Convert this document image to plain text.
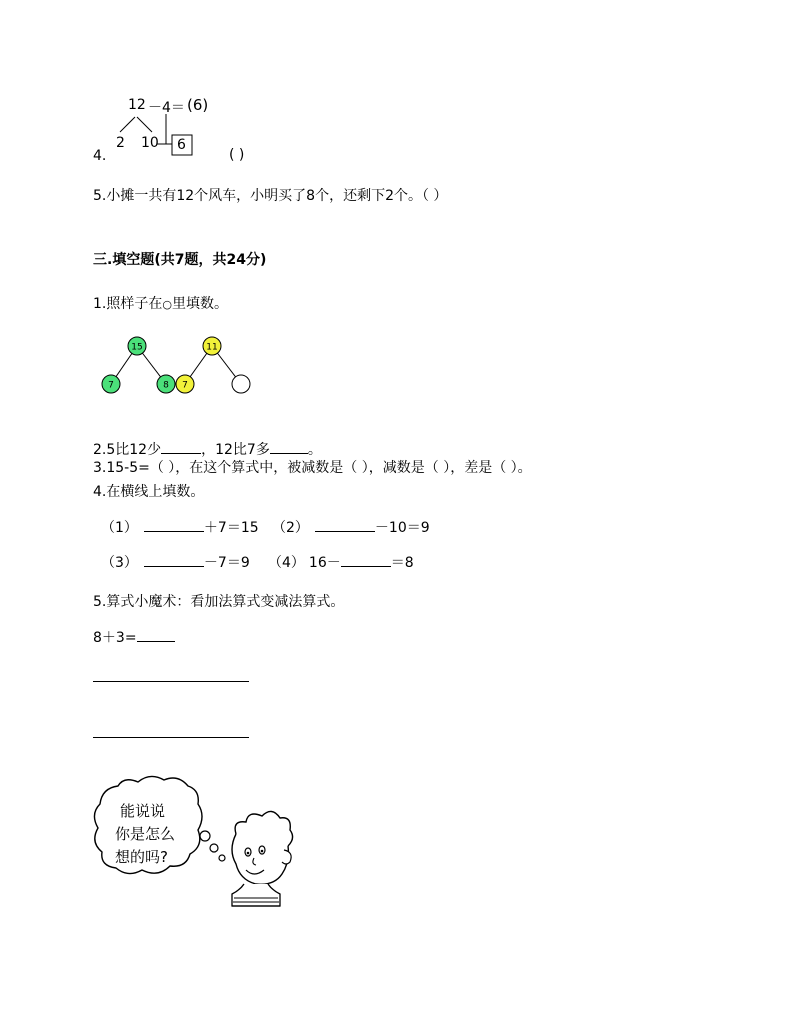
12 －4＝ (6)
2 10 6
4.	( )
5.小摊一共有12个风车，小明买了8个，还剩下2个。（ ）
三.填空题(共7题，共24分)
1.照样子在○里填数。
15
7	8
11
7
2.5比12少	，12比7多	。
3.15-5=（ ），在这个算式中，被减数是（ ），减数是（ ），差是（ ）。
4.在横线上填数。
（1）	＋7＝15 （2）	－10＝9
（3）	－7＝9 （4） 16－	＝8
5.算式小魔术：看加法算式变减法算式。
8＋3=
能说说
你是怎么
想的吗?
